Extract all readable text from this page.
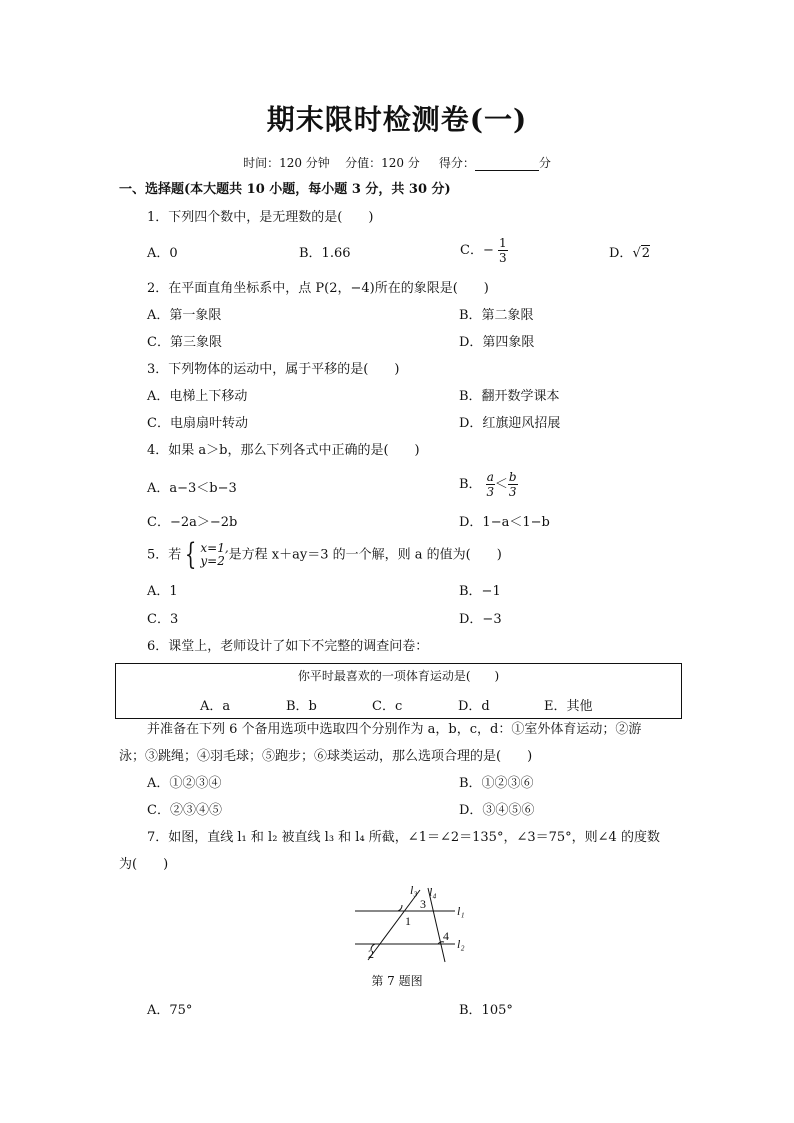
期末限时检测卷(一)
时间：120 分钟 分值：120 分 得分：	分
一、选择题(本大题共 10 小题，每小题 3 分，共 30 分)
1．下列四个数中，是无理数的是(　　)
A．0	B．1.66	C．− $\frac{1}{3}$	D．√2
2．在平面直角坐标系中，点 P(2，−4)所在的象限是(　　)
A．第一象限	B．第二象限
C．第三象限	D．第四象限
3．下列物体的运动中，属于平移的是(　　)
A．电梯上下移动	B．翻开数学课本
C．电扇扇叶转动	D．红旗迎风招展
4．如果 a＞b，那么下列各式中正确的是(　　)
A．a−3＜b−3	B． $\frac{a}{3} < \frac{b}{3}$
C．−2a＞−2b	D．1−a＜1−b
5．若 { x=1,
y=2 是方程 x＋ay＝3 的一个解，则 a 的值为(　　)
A．1	B．−1
C．3	D．−3
6．课堂上，老师设计了如下不完整的调查问卷：
你平时最喜欢的一项体育运动是(　　)
A．a	B．b	C．c	D．d	E．其他
并准备在下列 6 个备用选项中选取四个分别作为 a，b，c，d：①室外体育运动；②游
泳；③跳绳；④羽毛球；⑤跑步；⑥球类运动，那么选项合理的是(　　)
A．①②③④	B．①②③⑥
C．②③④⑤	D．③④⑤⑥
7．如图，直线 l₁ 和 l₂ 被直线 l₃ 和 l₄ 所截，∠1＝∠2＝135°，∠3＝75°，则∠4 的度数
为(　　)
l₃ l₄
l₁
l₂
3
1
4
2
第 7 题图
A．75°	B．105°
